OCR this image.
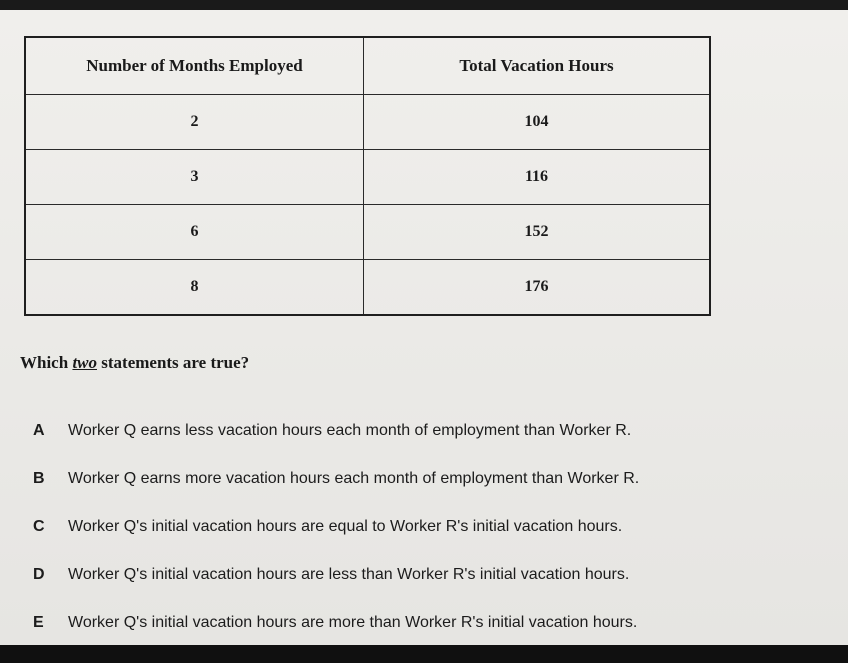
Number of Months Employed	Total Vacation Hours
2	104
3	116
6	152
8	176
Which two statements are true?
A Worker Q earns less vacation hours each month of employment than Worker R.
B Worker Q earns more vacation hours each month of employment than Worker R.
C Worker Q's initial vacation hours are equal to Worker R's initial vacation hours.
D Worker Q's initial vacation hours are less than Worker R's initial vacation hours.
E Worker Q's initial vacation hours are more than Worker R's initial vacation hours.
